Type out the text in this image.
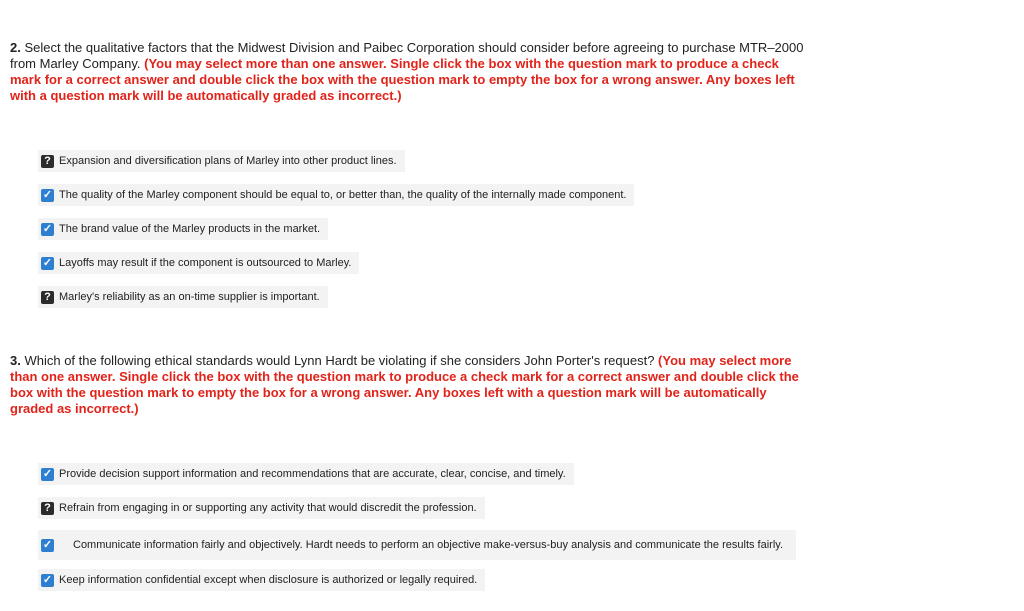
2. Select the qualitative factors that the Midwest Division and Paibec Corporation should consider before agreeing to purchase MTR–2000 from Marley Company. (You may select more than one answer. Single click the box with the question mark to produce a check mark for a correct answer and double click the box with the question mark to empty the box for a wrong answer. Any boxes left with a question mark will be automatically graded as incorrect.)
? Expansion and diversification plans of Marley into other product lines.
✓ The quality of the Marley component should be equal to, or better than, the quality of the internally made component.
✓ The brand value of the Marley products in the market.
✓ Layoffs may result if the component is outsourced to Marley.
? Marley's reliability as an on-time supplier is important.
3. Which of the following ethical standards would Lynn Hardt be violating if she considers John Porter's request? (You may select more than one answer. Single click the box with the question mark to produce a check mark for a correct answer and double click the box with the question mark to empty the box for a wrong answer. Any boxes left with a question mark will be automatically graded as incorrect.)
✓ Provide decision support information and recommendations that are accurate, clear, concise, and timely.
? Refrain from engaging in or supporting any activity that would discredit the profession.
✓	Communicate information fairly and objectively. Hardt needs to perform an objective make-versus-buy analysis and communicate the results fairly.
✓ Keep information confidential except when disclosure is authorized or legally required.
